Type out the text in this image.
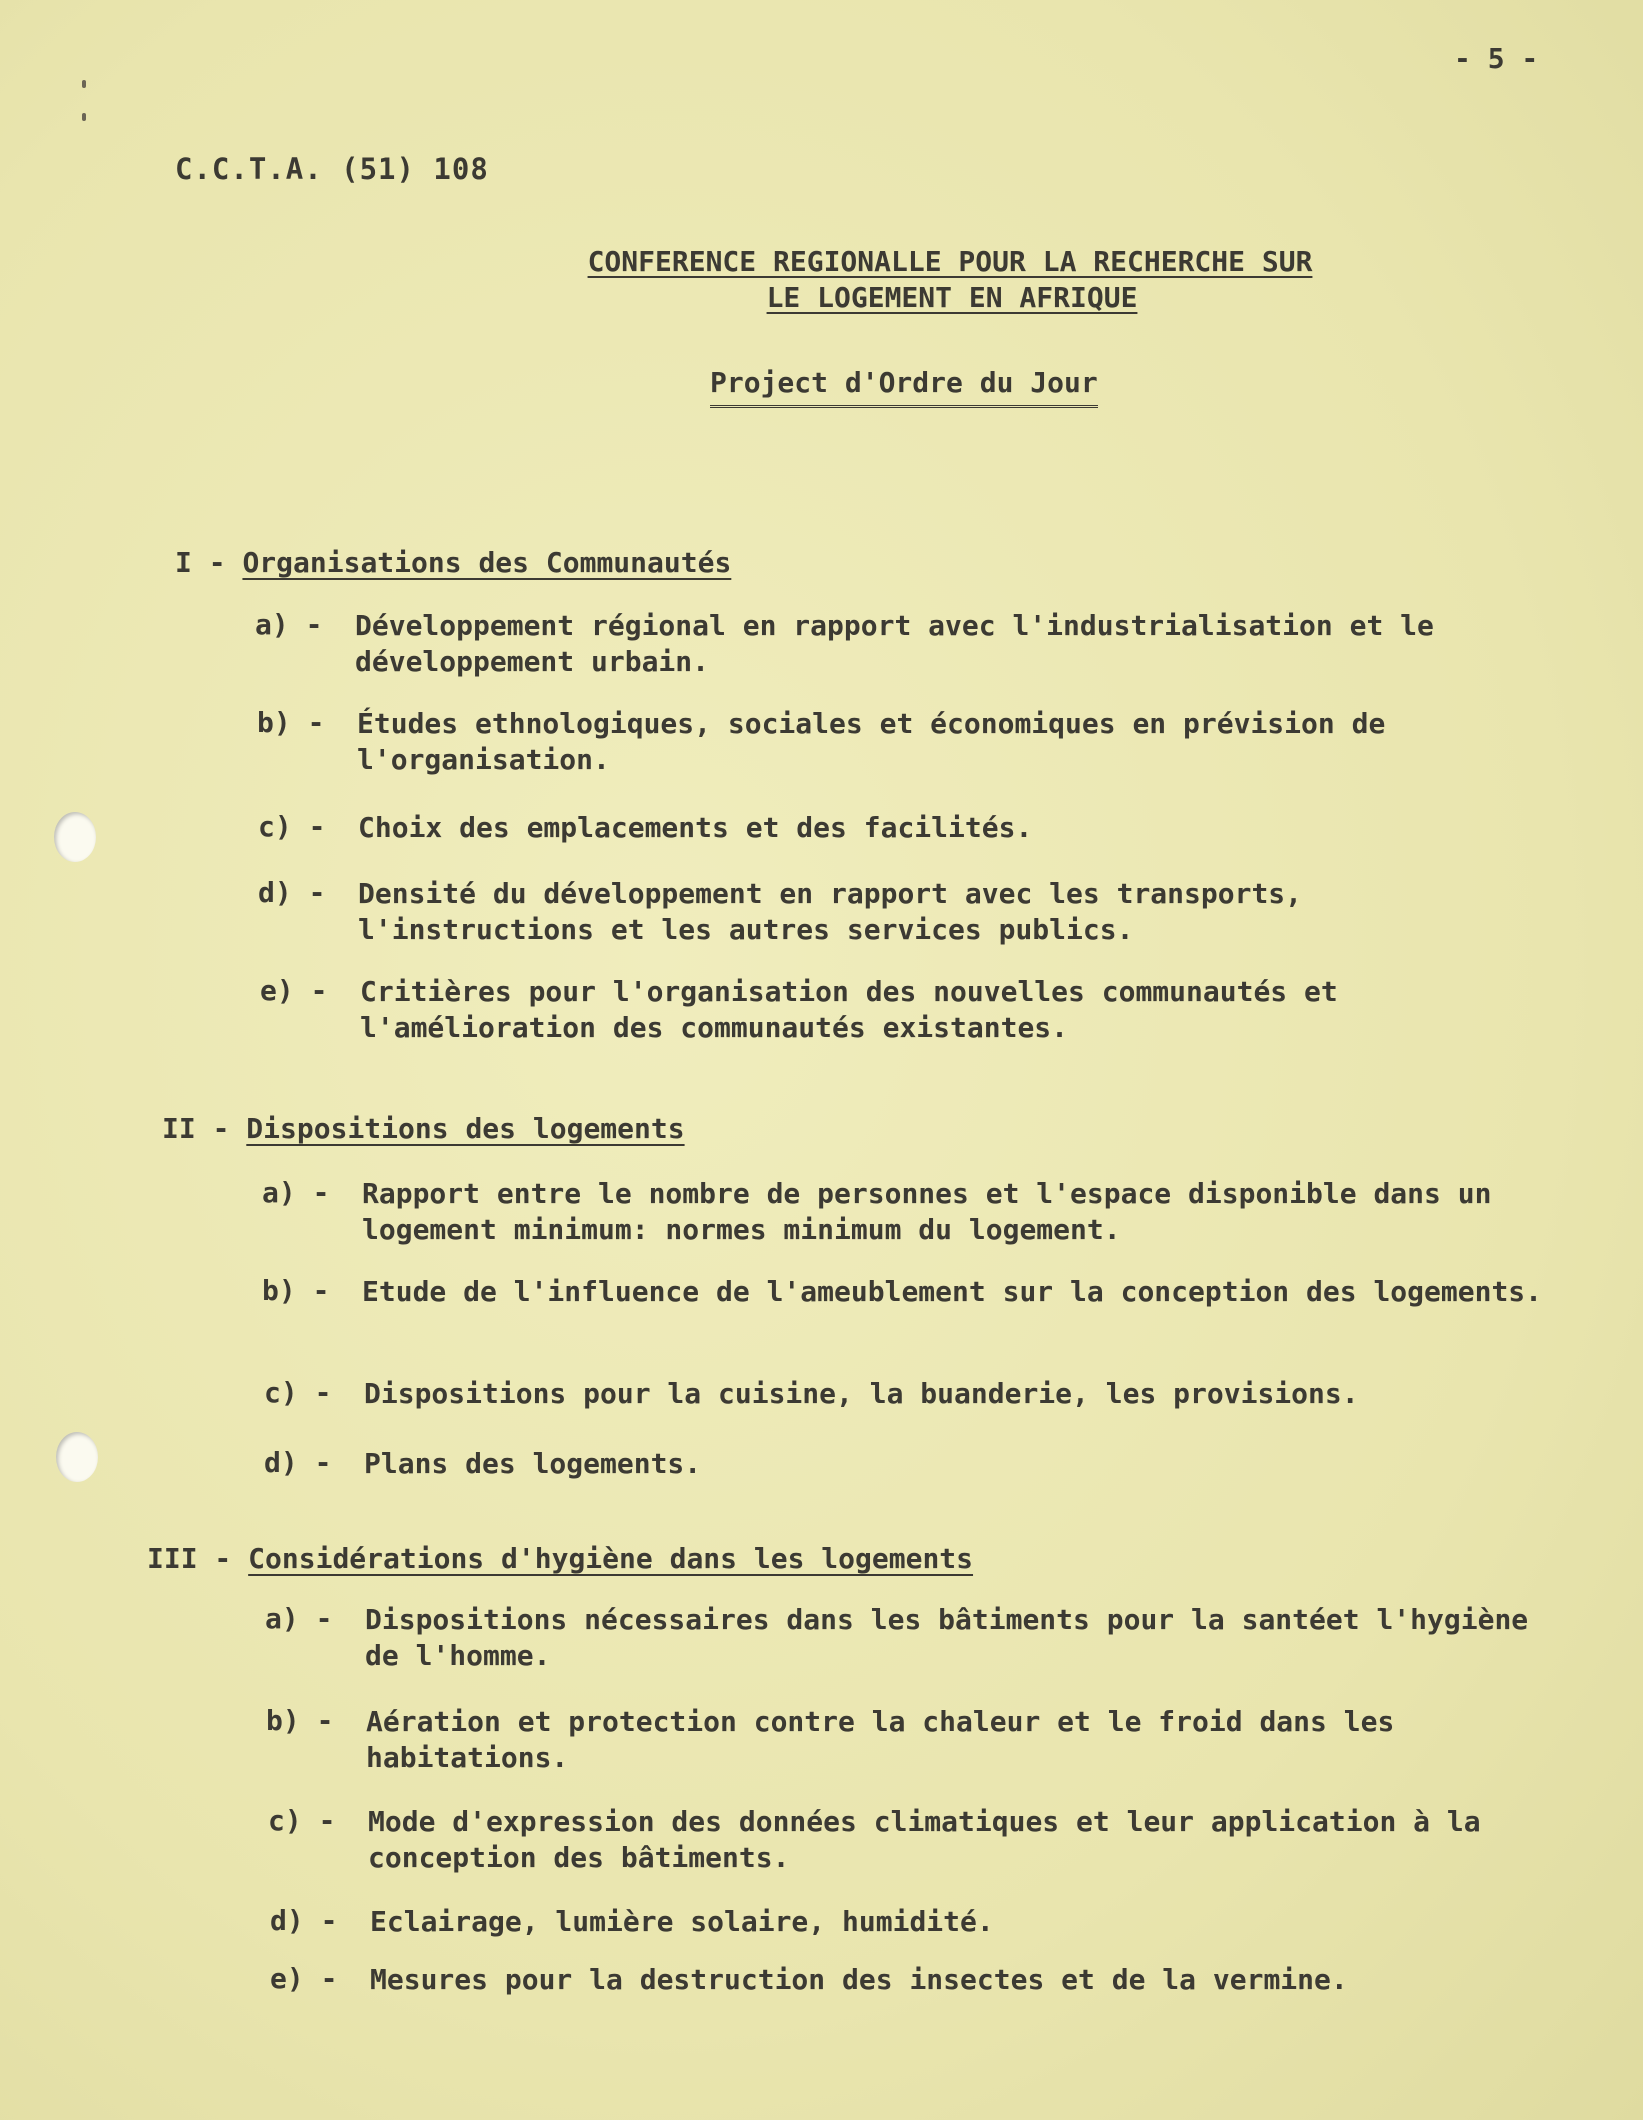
- 5 -
C.C.T.A. (51) 108
CONFERENCE REGIONALLE POUR LA RECHERCHE SUR
LE LOGEMENT EN AFRIQUE
Project d'Ordre du Jour
I - Organisations des Communautés
a) - Développement régional en rapport avec l'industrialisation et le développement urbain.
b) - Études ethnologiques, sociales et économiques en prévision de l'organisation.
c) - Choix des emplacements et des facilités.
d) - Densité du développement en rapport avec les transports, l'instructions et les autres services publics.
e) - Critières pour l'organisation des nouvelles communautés et l'amélioration des communautés existantes.
II - Dispositions des logements
a) - Rapport entre le nombre de personnes et l'espace disponible dans un logement minimum: normes minimum du logement.
b) - Etude de l'influence de l'ameublement sur la conception des logements.
c) - Dispositions pour la cuisine, la buanderie, les provisions.
d) - Plans des logements.
III - Considérations d'hygiène dans les logements
a) - Dispositions nécessaires dans les bâtiments pour la santéet l'hygiène de l'homme.
b) - Aération et protection contre la chaleur et le froid dans les habitations.
c) - Mode d'expression des données climatiques et leur application à la conception des bâtiments.
d) - Eclairage, lumière solaire, humidité.
e) - Mesures pour la destruction des insectes et de la vermine.
